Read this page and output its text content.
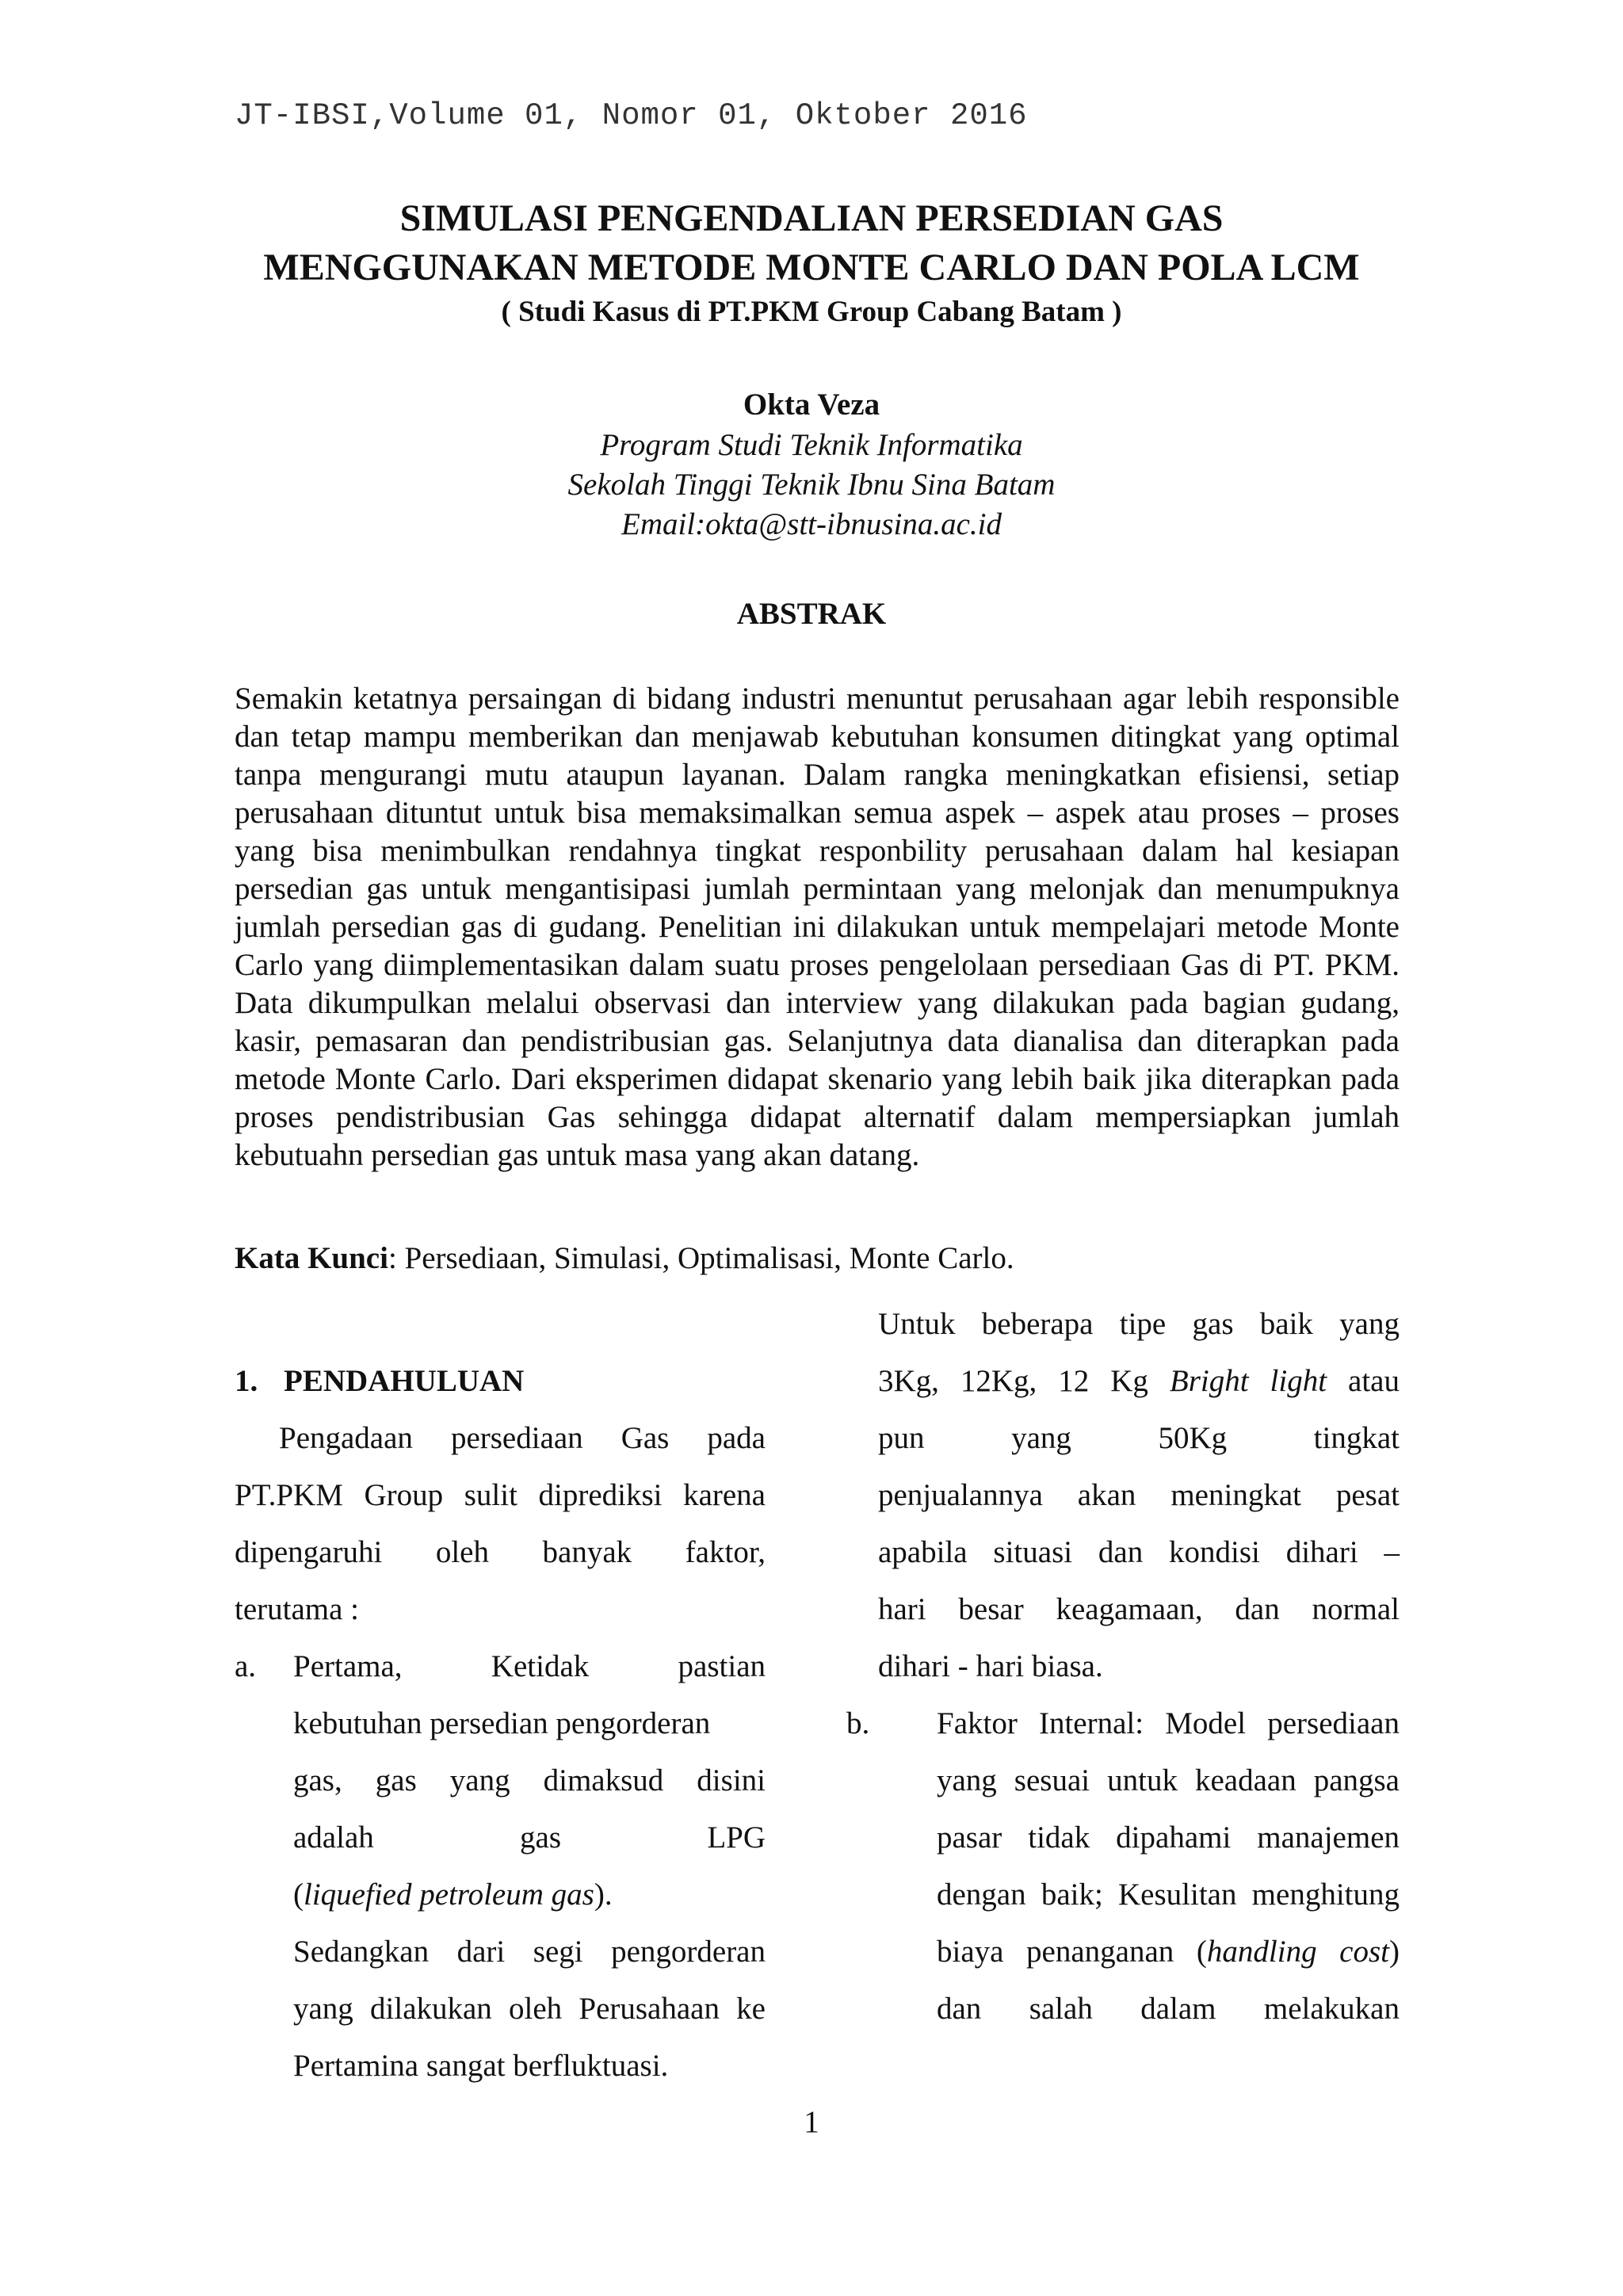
JT-IBSI,Volume 01, Nomor 01, Oktober 2016
SIMULASI PENGENDALIAN PERSEDIAN GAS
MENGGUNAKAN METODE MONTE CARLO DAN POLA LCM
( Studi Kasus di PT.PKM Group Cabang Batam )
Okta Veza
Program Studi Teknik Informatika
Sekolah Tinggi Teknik Ibnu Sina Batam
Email:okta@stt-ibnusina.ac.id
ABSTRAK
Semakin ketatnya persaingan di bidang industri menuntut perusahaan agar lebih responsible dan tetap mampu memberikan dan menjawab kebutuhan konsumen ditingkat yang optimal tanpa mengurangi mutu ataupun layanan. Dalam rangka meningkatkan efisiensi, setiap perusahaan dituntut untuk bisa memaksimalkan semua aspek – aspek atau proses – proses yang bisa menimbulkan rendahnya tingkat responbility perusahaan dalam hal kesiapan persedian gas untuk mengantisipasi jumlah permintaan yang melonjak dan menumpuknya jumlah persedian gas di gudang. Penelitian ini dilakukan untuk mempelajari metode Monte Carlo yang diimplementasikan dalam suatu proses pengelolaan persediaan Gas di PT. PKM. Data dikumpulkan melalui observasi dan interview yang dilakukan pada bagian gudang, kasir, pemasaran dan pendistribusian gas. Selanjutnya data dianalisa dan diterapkan pada metode Monte Carlo. Dari eksperimen didapat skenario yang lebih baik jika diterapkan pada proses pendistribusian Gas sehingga didapat alternatif dalam mempersiapkan jumlah kebutuahn persedian gas untuk masa yang akan datang.
Kata Kunci: Persediaan, Simulasi, Optimalisasi, Monte Carlo.
1. PENDAHULUAN
Pengadaan persediaan Gas pada
PT.PKM Group sulit diprediksi karena
dipengaruhi oleh banyak faktor,
terutama :
a. Pertama, Ketidak pastian
kebutuhan persedian pengorderan
gas, gas yang dimaksud disini
adalah gas LPG
(liquefied petroleum gas).
Sedangkan dari segi pengorderan
yang dilakukan oleh Perusahaan ke
Pertamina sangat berfluktuasi.
Untuk beberapa tipe gas baik yang
3Kg, 12Kg, 12 Kg Bright light atau
pun yang 50Kg tingkat
penjualannya akan meningkat pesat
apabila situasi dan kondisi dihari –
hari besar keagamaan, dan normal
dihari - hari biasa.
b. Faktor Internal: Model persediaan
yang sesuai untuk keadaan pangsa
pasar tidak dipahami manajemen
dengan baik; Kesulitan menghitung
biaya penanganan (handling cost)
dan salah dalam melakukan
1
